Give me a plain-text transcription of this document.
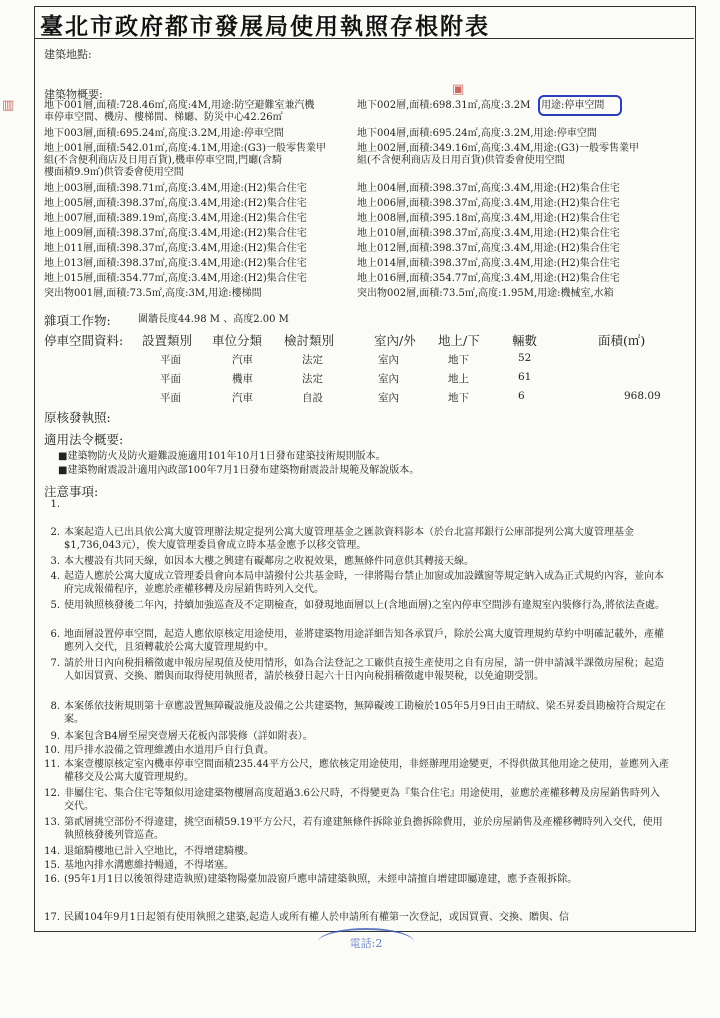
臺北市政府都市發展局使用執照存根附表
建築地點:
建築物概要:
▥
▣
地下001層,面積:728.46㎡,高度:4M,用途:防空避難室兼汽機
車停車空間、機房、樓梯間、梯廳、防災中心42.26㎡
地下003層,面積:695.24㎡,高度:3.2M,用途:停車空間
地上001層,面積:542.01㎡,高度:4.1M,用途:(G3)一般零售業甲
組(不含便利商店及日用百貨),機車停車空間,門廳(含騎
樓面積9.9㎡)供管委會使用空間
地上003層,面積:398.71㎡,高度:3.4M,用途:(H2)集合住宅
地上005層,面積:398.37㎡,高度:3.4M,用途:(H2)集合住宅
地上007層,面積:389.19㎡,高度:3.4M,用途:(H2)集合住宅
地上009層,面積:398.37㎡,高度:3.4M,用途:(H2)集合住宅
地上011層,面積:398.37㎡,高度:3.4M,用途:(H2)集合住宅
地上013層,面積:398.37㎡,高度:3.4M,用途:(H2)集合住宅
地上015層,面積:354.77㎡,高度:3.4M,用途:(H2)集合住宅
突出物001層,面積:73.5㎡,高度:3M,用途:樓梯間
地下002層,面積:698.31㎡,高度:3.2M 用途:停車空間
地下004層,面積:695.24㎡,高度:3.2M,用途:停車空間
地上002層,面積:349.16㎡,高度:3.4M,用途:(G3)一般零售業甲
組(不含便利商店及日用百貨)供管委會使用空間
地上004層,面積:398.37㎡,高度:3.4M,用途:(H2)集合住宅
地上006層,面積:398.37㎡,高度:3.4M,用途:(H2)集合住宅
地上008層,面積:395.18㎡,高度:3.4M,用途:(H2)集合住宅
地上010層,面積:398.37㎡,高度:3.4M,用途:(H2)集合住宅
地上012層,面積:398.37㎡,高度:3.4M,用途:(H2)集合住宅
地上014層,面積:398.37㎡,高度:3.4M,用途:(H2)集合住宅
地上016層,面積:354.77㎡,高度:3.4M,用途:(H2)集合住宅
突出物002層,面積:73.5㎡,高度:1.95M,用途:機械室,水箱
雜項工作物:	圍牆長度44.98 M 、高度2.00 M
停車空間資料: 設置類別 車位分類 檢討類別	室內/外 地上/下	輛數	面積(㎡)
平面	汽車	法定	室內	地下	52
平面	機車	法定	室內	地上	61
平面	汽車	自設	室內	地下	6	968.09
原核發執照:
適用法令概要:
■建築物防火及防火避難設施適用101年10月1日發布建築技術規則版本。
■建築物耐震設計適用內政部100年7月1日發布建築物耐震設計規範及解說版本。
注意事項:
1.
2. 本案起造人已出具依公寓大廈管理辦法規定提列公寓大廈管理基金之匯款資料影本（於台北富邦銀行公庫部提列公寓大廈管理基金$1,736,043元），俟大廈管理委員會成立時本基金應予以移交管理。
3. 本大樓設有共同天線，如因本大樓之興建有礙鄰房之收視效果，應無條件同意供其轉接天線。
4. 起造人應於公寓大廈成立管理委員會向本局申請撥付公共基金時，一律將陽台禁止加窗或加設鐵窗等規定納入成為正式規約內容，並向本府完成報備程序，並應於產權移轉及房屋銷售時列入交代。
5. 使用執照核發後二年內，持續加強巡查及不定期檢查，如發現地面層以上(含地面層)之室內停車空間涉有違規室內裝修行為,將依法查處。
6. 地面層設置停車空間，起造人應依原核定用途使用，並將建築物用途詳細告知各承買戶，除於公寓大廈管理規約草約中明確記載外，產權應列入交代，且須轉載於公寓大廈管理規約中。
7. 請於卅日內向稅捐稽徵處申報房屋現值及使用情形，如為合法登記之工廠供直接生產使用之自有房屋，請一併申請減半課徵房屋稅；起造人如因買賣、交換、贈與而取得使用執照者，請於核發日起六十日內向稅捐稽徵處申報契稅，以免逾期受罰。
8. 本案係依技術規則第十章應設置無障礙設施及設備之公共建築物，無障礙竣工勘檢於105年5月9日由王晴紋、梁丕昇委員勘檢符合規定在案。
9. 本案包含B4層至屋突壹層天花板內部裝修（詳如附表）。
10. 用戶排水設備之管理維護由水道用戶自行負責。
11. 本案壹樓原核定室內機車停車空間面積235.44平方公尺，應依核定用途使用，非經辦理用途變更，不得供做其他用途之使用，並應列入產權移交及公寓大廈管理規約。
12. 非屬住宅、集合住宅等類似用途建築物樓層高度超過3.6公尺時，不得變更為『集合住宅』用途使用，並應於產權移轉及房屋銷售時列入交代。
13. 第貳層挑空部份不得違建，挑空面積59.19平方公尺，若有違建無條件拆除並負擔拆除費用，並於房屋銷售及產權移轉時列入交代，使用執照核發後列管巡查。
14. 退縮騎樓地已計入空地比，不得增建騎樓。
15. 基地內排水溝應維持暢通，不得堵塞。
16. (95年1月1日以後領得建造執照)建築物陽臺加設窗戶應申請建築執照，未經申請擅自增建即屬違建，應予查報拆除。
17. 民國104年9月1日起領有使用執照之建築,起造人或所有權人於申請所有權第一次登記，或因買賣、交換、贈與、信

電話:2
